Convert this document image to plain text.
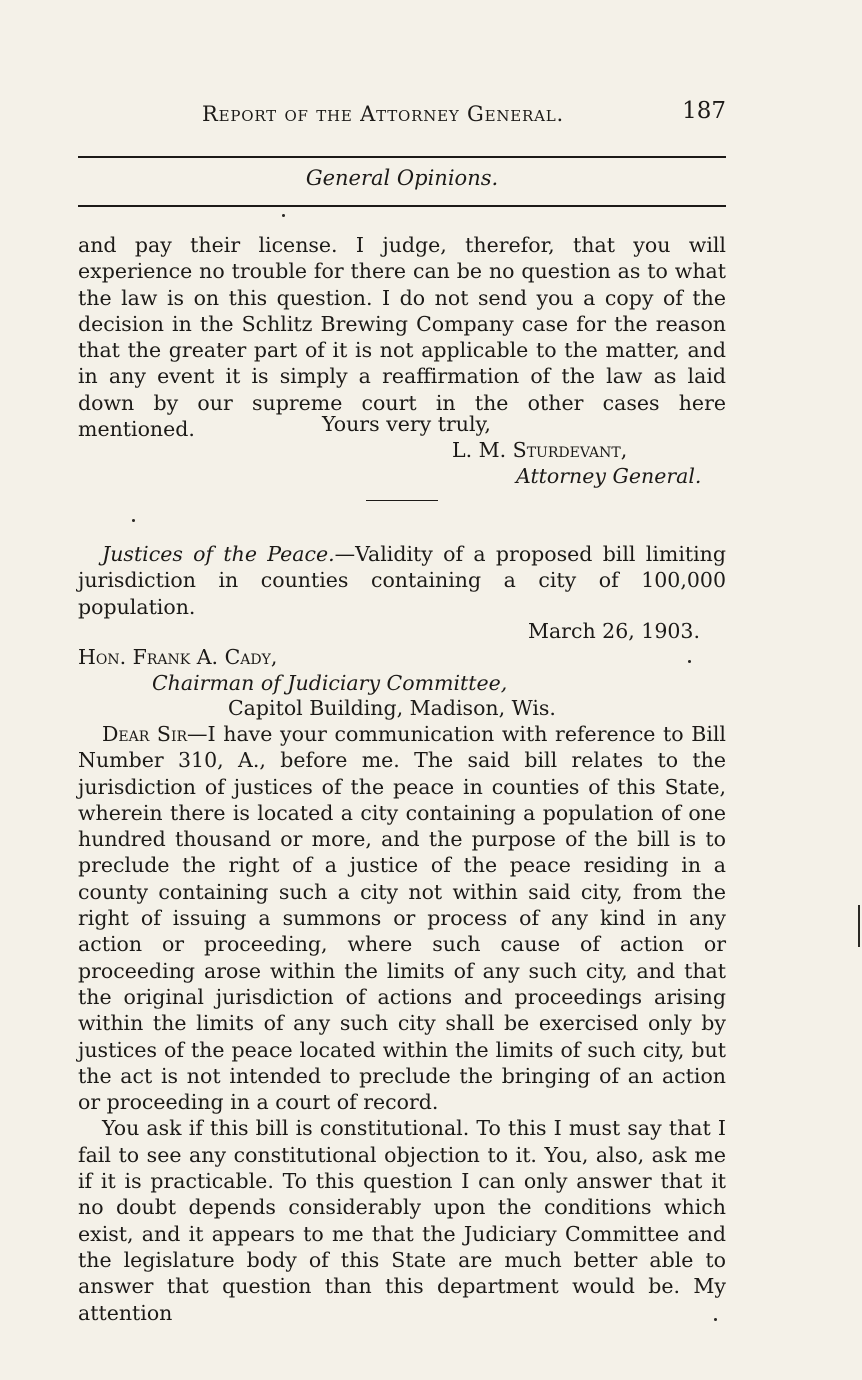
Report of the Attorney General.	187
General Opinions.
and pay their license. I judge, therefor, that you will experience no trouble for there can be no question as to what the law is on this question. I do not send you a copy of the decision in the Schlitz Brewing Company case for the reason that the greater part of it is not applicable to the matter, and in any event it is simply a reaffirmation of the law as laid down by our supreme court in the other cases here mentioned.	Yours very truly,
L. M. Sturdevant,
Attorney General.
Justices of the Peace.—Validity of a proposed bill limiting jurisdiction in counties containing a city of 100,000 population.
March 26, 1903.
Hon. Frank A. Cady,
Chairman of Judiciary Committee,
Capitol Building, Madison, Wis.

Dear Sir—I have your communication with reference to Bill Number 310, A., before me. The said bill relates to the jurisdiction of justices of the peace in counties of this State, wherein there is located a city containing a population of one hundred thousand or more, and the purpose of the bill is to preclude the right of a justice of the peace residing in a county containing such a city not within said city, from the right of issuing a summons or process of any kind in any action or proceeding, where such cause of action or proceeding arose within the limits of any such city, and that the original jurisdiction of actions and proceedings arising within the limits of any such city shall be exercised only by justices of the peace located within the limits of such city, but the act is not intended to preclude the bringing of an action or proceeding in a court of record.

You ask if this bill is constitutional. To this I must say that I fail to see any constitutional objection to it. You, also, ask me if it is practicable. To this question I can only answer that it no doubt depends considerably upon the conditions which exist, and it appears to me that the Judiciary Committee and the legislature body of this State are much better able to answer that question than this department would be. My attention
